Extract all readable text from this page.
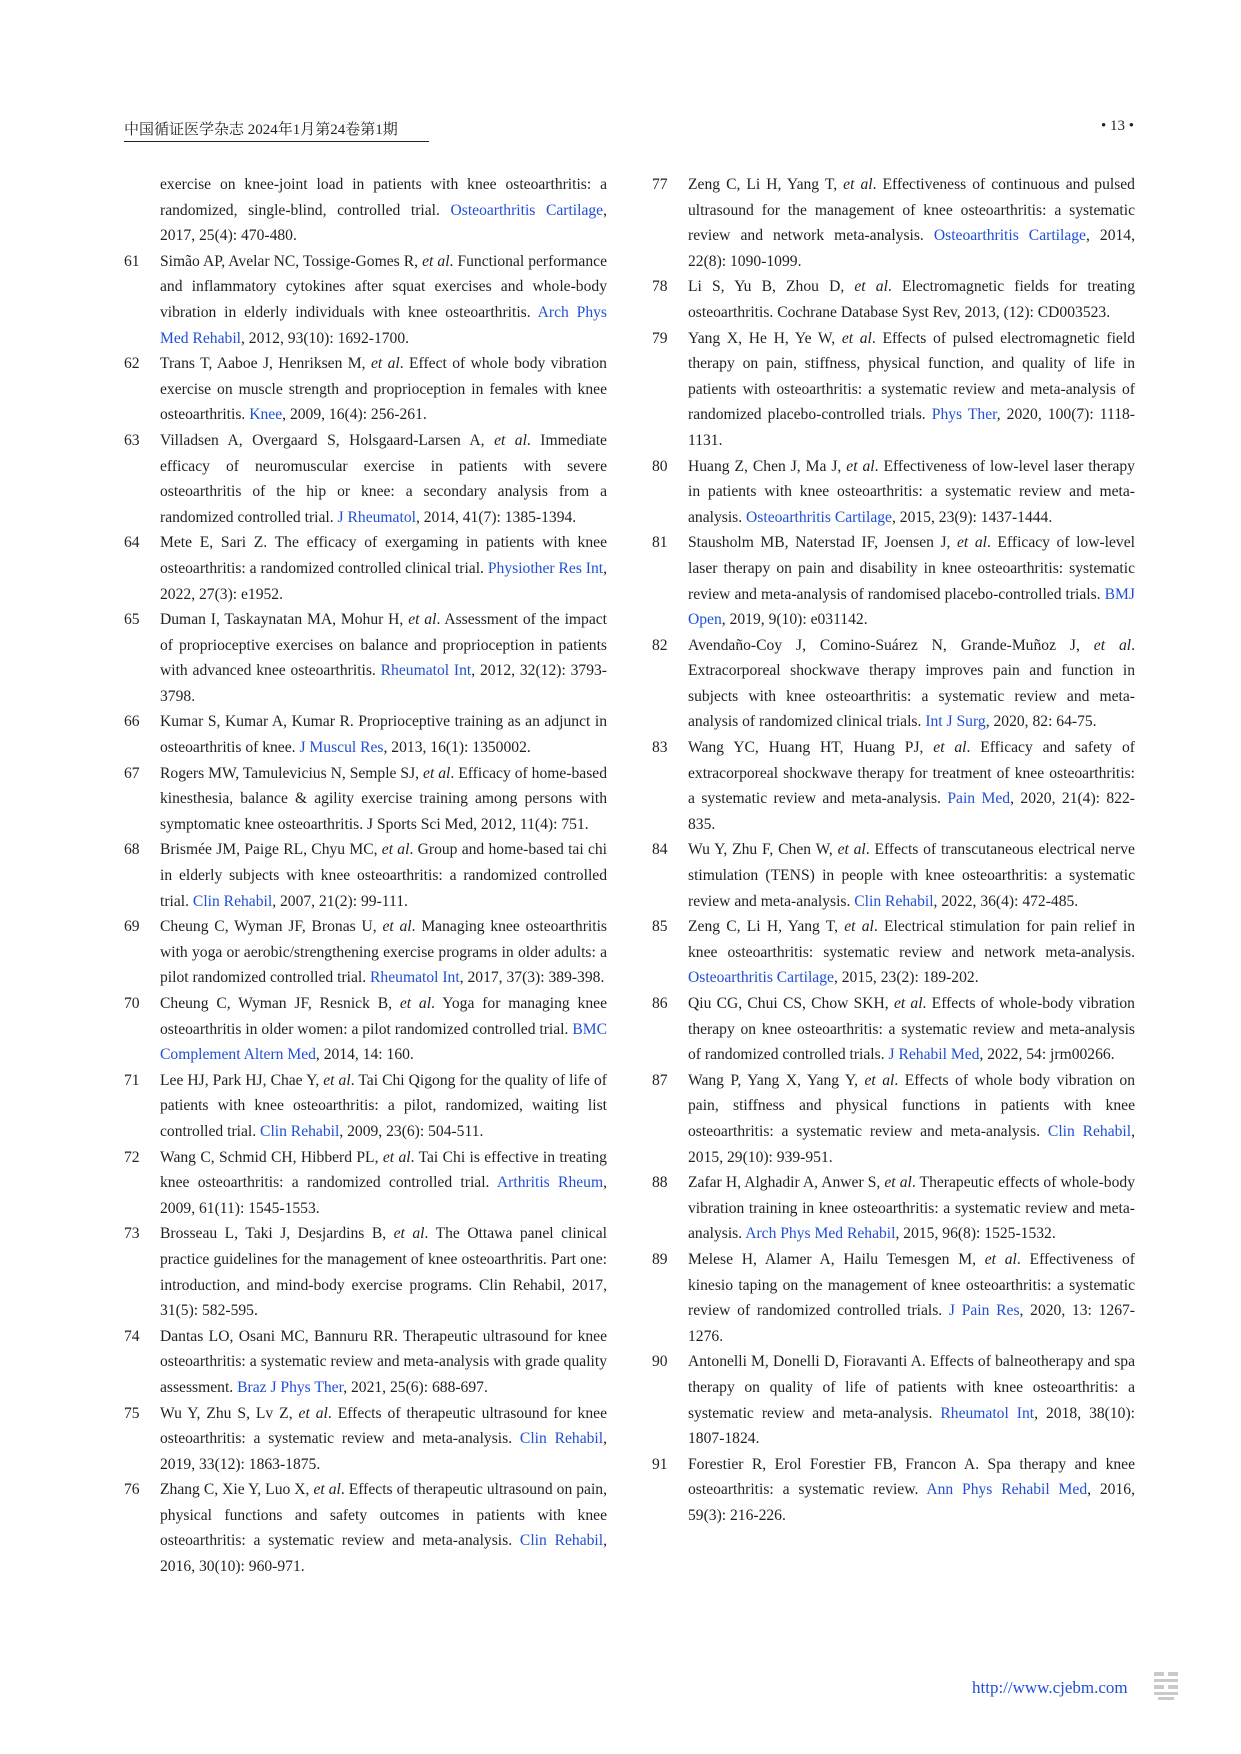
中国循证医学杂志 2024年1月第24卷第1期	• 13 •
exercise on knee-joint load in patients with knee osteoarthritis: a randomized, single-blind, controlled trial. Osteoarthritis Cartilage, 2017, 25(4): 470-480.
61 Simão AP, Avelar NC, Tossige-Gomes R, et al. Functional performance and inflammatory cytokines after squat exercises and whole-body vibration in elderly individuals with knee osteoarthritis. Arch Phys Med Rehabil, 2012, 93(10): 1692-1700.
62 Trans T, Aaboe J, Henriksen M, et al. Effect of whole body vibration exercise on muscle strength and proprioception in females with knee osteoarthritis. Knee, 2009, 16(4): 256-261.
63 Villadsen A, Overgaard S, Holsgaard-Larsen A, et al. Immediate efficacy of neuromuscular exercise in patients with severe osteoarthritis of the hip or knee: a secondary analysis from a randomized controlled trial. J Rheumatol, 2014, 41(7): 1385-1394.
64 Mete E, Sari Z. The efficacy of exergaming in patients with knee osteoarthritis: a randomized controlled clinical trial. Physiother Res Int, 2022, 27(3): e1952.
65 Duman I, Taskaynatan MA, Mohur H, et al. Assessment of the impact of proprioceptive exercises on balance and proprioception in patients with advanced knee osteoarthritis. Rheumatol Int, 2012, 32(12): 3793-3798.
66 Kumar S, Kumar A, Kumar R. Proprioceptive training as an adjunct in osteoarthritis of knee. J Muscul Res, 2013, 16(1): 1350002.
67 Rogers MW, Tamulevicius N, Semple SJ, et al. Efficacy of home-based kinesthesia, balance & agility exercise training among persons with symptomatic knee osteoarthritis. J Sports Sci Med, 2012, 11(4): 751.
68 Brismée JM, Paige RL, Chyu MC, et al. Group and home-based tai chi in elderly subjects with knee osteoarthritis: a randomized controlled trial. Clin Rehabil, 2007, 21(2): 99-111.
69 Cheung C, Wyman JF, Bronas U, et al. Managing knee osteoarthritis with yoga or aerobic/strengthening exercise programs in older adults: a pilot randomized controlled trial. Rheumatol Int, 2017, 37(3): 389-398.
70 Cheung C, Wyman JF, Resnick B, et al. Yoga for managing knee osteoarthritis in older women: a pilot randomized controlled trial. BMC Complement Altern Med, 2014, 14: 160.
71 Lee HJ, Park HJ, Chae Y, et al. Tai Chi Qigong for the quality of life of patients with knee osteoarthritis: a pilot, randomized, waiting list controlled trial. Clin Rehabil, 2009, 23(6): 504-511.
72 Wang C, Schmid CH, Hibberd PL, et al. Tai Chi is effective in treating knee osteoarthritis: a randomized controlled trial. Arthritis Rheum, 2009, 61(11): 1545-1553.
73 Brosseau L, Taki J, Desjardins B, et al. The Ottawa panel clinical practice guidelines for the management of knee osteoarthritis. Part one: introduction, and mind-body exercise programs. Clin Rehabil, 2017, 31(5): 582-595.
74 Dantas LO, Osani MC, Bannuru RR. Therapeutic ultrasound for knee osteoarthritis: a systematic review and meta-analysis with grade quality assessment. Braz J Phys Ther, 2021, 25(6): 688-697.
75 Wu Y, Zhu S, Lv Z, et al. Effects of therapeutic ultrasound for knee osteoarthritis: a systematic review and meta-analysis. Clin Rehabil, 2019, 33(12): 1863-1875.
76 Zhang C, Xie Y, Luo X, et al. Effects of therapeutic ultrasound on pain, physical functions and safety outcomes in patients with knee osteoarthritis: a systematic review and meta-analysis. Clin Rehabil, 2016, 30(10): 960-971.
77 Zeng C, Li H, Yang T, et al. Effectiveness of continuous and pulsed ultrasound for the management of knee osteoarthritis: a systematic review and network meta-analysis. Osteoarthritis Cartilage, 2014, 22(8): 1090-1099.
78 Li S, Yu B, Zhou D, et al. Electromagnetic fields for treating osteoarthritis. Cochrane Database Syst Rev, 2013, (12): CD003523.
79 Yang X, He H, Ye W, et al. Effects of pulsed electromagnetic field therapy on pain, stiffness, physical function, and quality of life in patients with osteoarthritis: a systematic review and meta-analysis of randomized placebo-controlled trials. Phys Ther, 2020, 100(7): 1118-1131.
80 Huang Z, Chen J, Ma J, et al. Effectiveness of low-level laser therapy in patients with knee osteoarthritis: a systematic review and meta-analysis. Osteoarthritis Cartilage, 2015, 23(9): 1437-1444.
81 Stausholm MB, Naterstad IF, Joensen J, et al. Efficacy of low-level laser therapy on pain and disability in knee osteoarthritis: systematic review and meta-analysis of randomised placebo-controlled trials. BMJ Open, 2019, 9(10): e031142.
82 Avendaño-Coy J, Comino-Suárez N, Grande-Muñoz J, et al. Extracorporeal shockwave therapy improves pain and function in subjects with knee osteoarthritis: a systematic review and meta-analysis of randomized clinical trials. Int J Surg, 2020, 82: 64-75.
83 Wang YC, Huang HT, Huang PJ, et al. Efficacy and safety of extracorporeal shockwave therapy for treatment of knee osteoarthritis: a systematic review and meta-analysis. Pain Med, 2020, 21(4): 822-835.
84 Wu Y, Zhu F, Chen W, et al. Effects of transcutaneous electrical nerve stimulation (TENS) in people with knee osteoarthritis: a systematic review and meta-analysis. Clin Rehabil, 2022, 36(4): 472-485.
85 Zeng C, Li H, Yang T, et al. Electrical stimulation for pain relief in knee osteoarthritis: systematic review and network meta-analysis. Osteoarthritis Cartilage, 2015, 23(2): 189-202.
86 Qiu CG, Chui CS, Chow SKH, et al. Effects of whole-body vibration therapy on knee osteoarthritis: a systematic review and meta-analysis of randomized controlled trials. J Rehabil Med, 2022, 54: jrm00266.
87 Wang P, Yang X, Yang Y, et al. Effects of whole body vibration on pain, stiffness and physical functions in patients with knee osteoarthritis: a systematic review and meta-analysis. Clin Rehabil, 2015, 29(10): 939-951.
88 Zafar H, Alghadir A, Anwer S, et al. Therapeutic effects of whole-body vibration training in knee osteoarthritis: a systematic review and meta-analysis. Arch Phys Med Rehabil, 2015, 96(8): 1525-1532.
89 Melese H, Alamer A, Hailu Temesgen M, et al. Effectiveness of kinesio taping on the management of knee osteoarthritis: a systematic review of randomized controlled trials. J Pain Res, 2020, 13: 1267-1276.
90 Antonelli M, Donelli D, Fioravanti A. Effects of balneotherapy and spa therapy on quality of life of patients with knee osteoarthritis: a systematic review and meta-analysis. Rheumatol Int, 2018, 38(10): 1807-1824.
91 Forestier R, Erol Forestier FB, Francon A. Spa therapy and knee osteoarthritis: a systematic review. Ann Phys Rehabil Med, 2016, 59(3): 216-226.
http://www.cjebm.com
